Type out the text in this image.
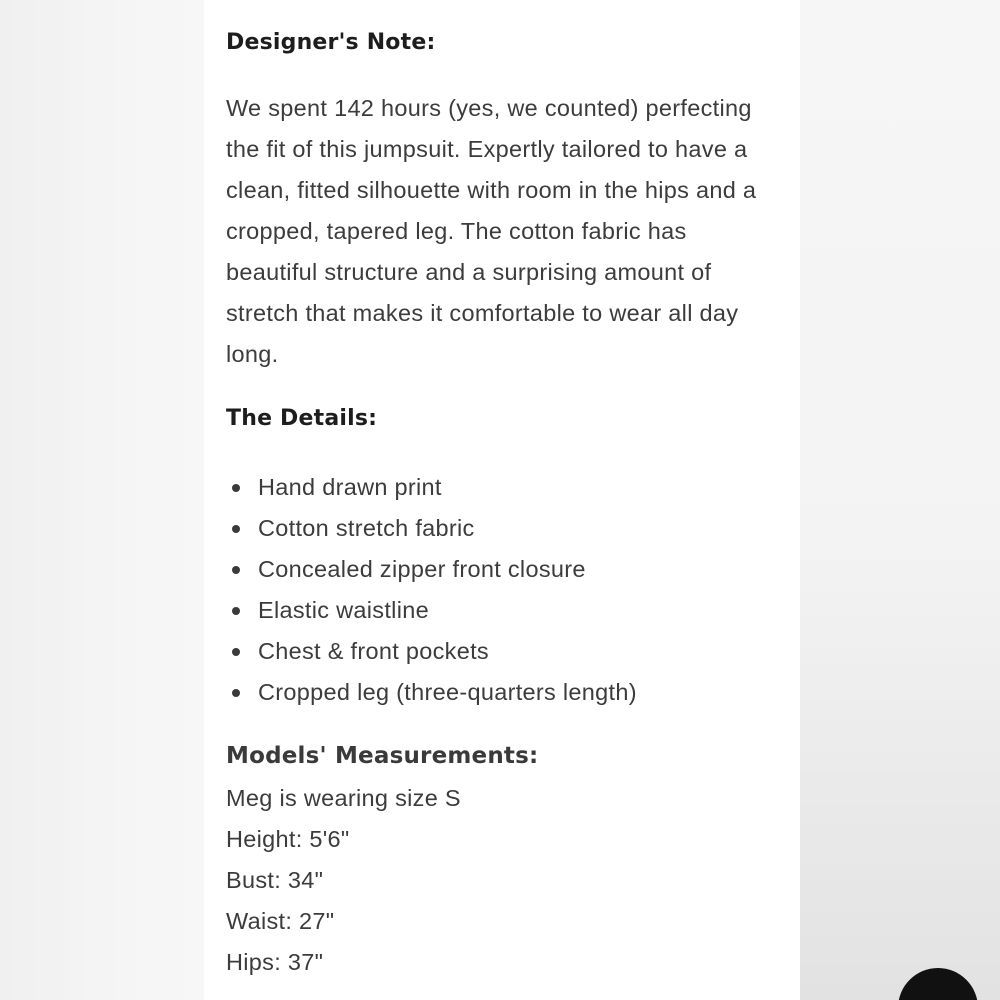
Designer's Note:

We spent 142 hours (yes, we counted) perfecting the fit of this jumpsuit. Expertly tailored to have a clean, fitted silhouette with room in the hips and a cropped, tapered leg. The cotton fabric has beautiful structure and a surprising amount of stretch that makes it comfortable to wear all day long.

The Details:
Hand drawn print
Cotton stretch fabric
Concealed zipper front closure
Elastic waistline
Chest & front pockets
Cropped leg (three-quarters length)
Models' Measurements:
Meg is wearing size S
Height: 5'6"
Bust: 34"
Waist: 27"
Hips: 37"
